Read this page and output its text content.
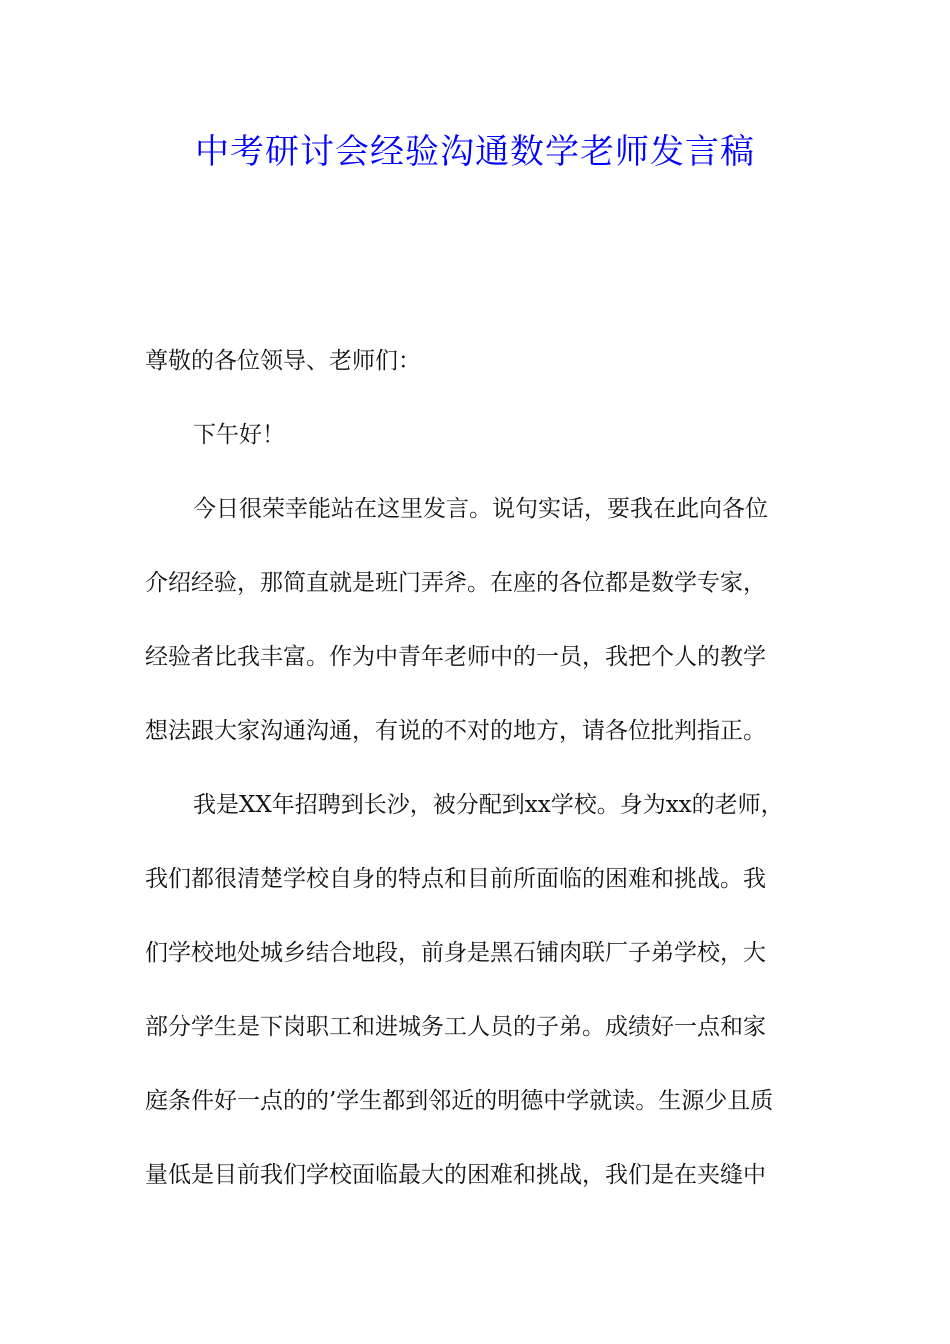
中考研讨会经验沟通数学老师发言稿
尊敬的各位领导、老师们：
下午好！
今日很荣幸能站在这里发言。说句实话，要我在此向各位
介绍经验，那简直就是班门弄斧。在座的各位都是数学专家，
经验者比我丰富。作为中青年老师中的一员，我把个人的教学
想法跟大家沟通沟通，有说的不对的地方，请各位批判指正。
我是XX年招聘到长沙，被分配到xx学校。身为xx的老师，
我们都很清楚学校自身的特点和目前所面临的困难和挑战。我
们学校地处城乡结合地段，前身是黑石铺肉联厂子弟学校，大
部分学生是下岗职工和进城务工人员的子弟。成绩好一点和家
庭条件好一点的的’学生都到邻近的明德中学就读。生源少且质
量低是目前我们学校面临最大的困难和挑战，我们是在夹缝中
